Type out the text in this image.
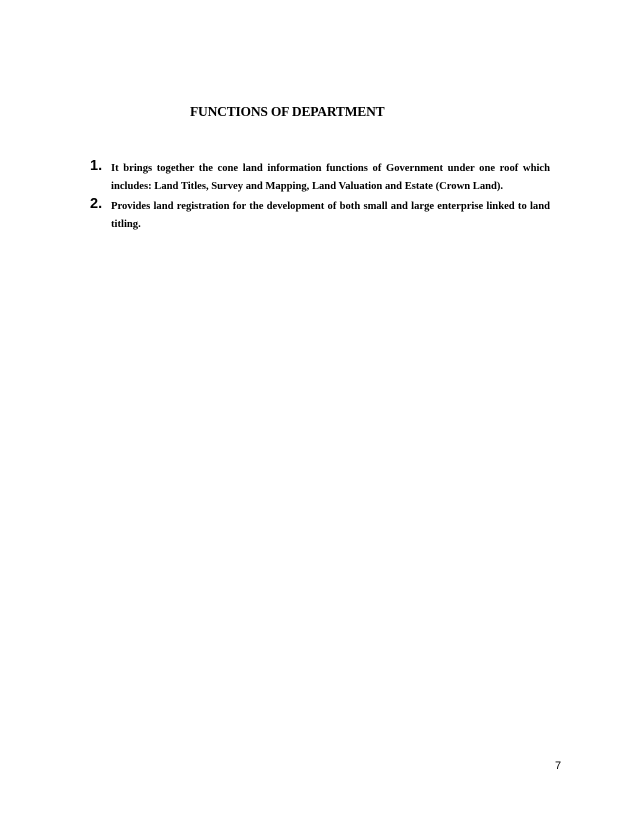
FUNCTIONS OF DEPARTMENT
1. It brings together the cone land information functions of Government under one roof which includes: Land Titles, Survey and Mapping, Land Valuation and Estate (Crown Land).
2. Provides land registration for the development of both small and large enterprise linked to land titling.
7
